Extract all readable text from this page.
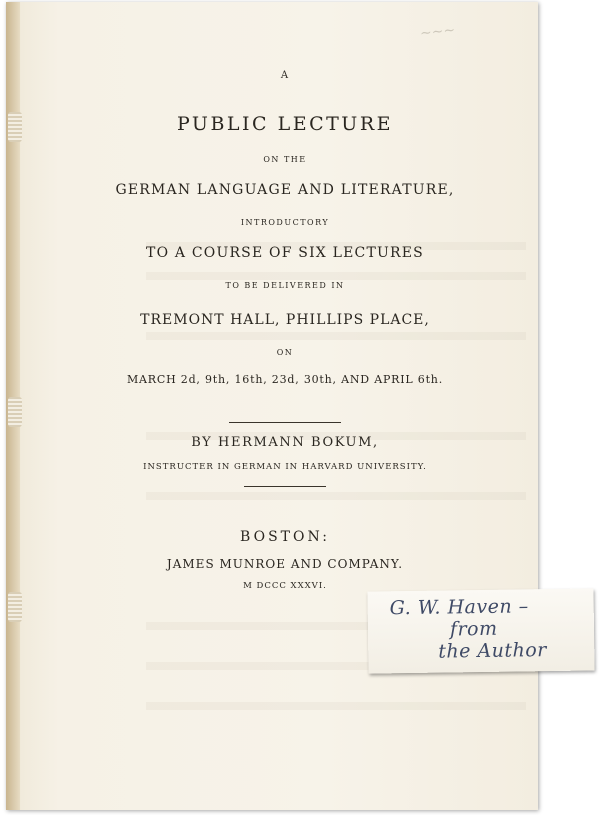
~~~
A
PUBLIC LECTURE
ON THE
GERMAN LANGUAGE AND LITERATURE,
INTRODUCTORY
TO A COURSE OF SIX LECTURES
TO BE DELIVERED IN
TREMONT HALL, PHILLIPS PLACE,
ON
MARCH 2d, 9th, 16th, 23d, 30th, AND APRIL 6th.
BY HERMANN BOKUM,
INSTRUCTER IN GERMAN IN HARVARD UNIVERSITY.
BOSTON:
JAMES MUNROE AND COMPANY.
M DCCC XXXVI.
G. W. Haven –
from
the Author
